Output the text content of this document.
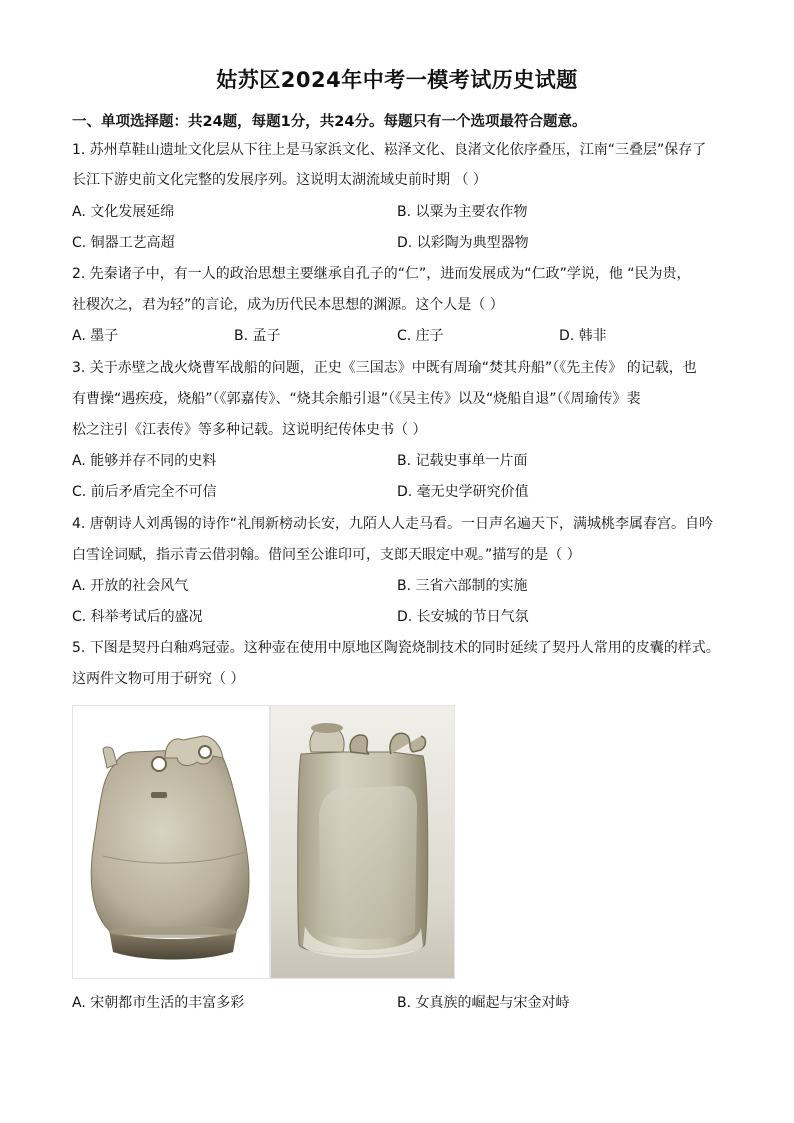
姑苏区2024年中考一模考试历史试题
一、单项选择题：共24题，每题1分，共24分。每题只有一个选项最符合题意。
1. 苏州草鞋山遗址文化层从下往上是马家浜文化、崧泽文化、良渚文化依序叠压，江南“三叠层”保存了
长江下游史前文化完整的发展序列。这说明太湖流域史前时期 （ ）
A. 文化发展延绵	B. 以粟为主要农作物
C. 铜器工艺高超	D. 以彩陶为典型器物
2. 先秦诸子中，有一人的政治思想主要继承自孔子的“仁”，进而发展成为“仁政”学说，他 “民为贵，
社稷次之，君为轻”的言论，成为历代民本思想的渊源。这个人是（ ）
A. 墨子	B. 孟子	C. 庄子	D. 韩非
3. 关于赤壁之战火烧曹军战船的问题，正史《三国志》中既有周瑜“焚其舟船”（《先主传》 的记载，也
有曹操“遇疾疫，烧船”（《郭嘉传》、“烧其余船引退”（《吴主传》以及“烧船自退”（《周瑜传》裴
松之注引《江表传》等多种记载。这说明纪传体史书（ ）
A. 能够并存不同的史料	B. 记载史事单一片面
C. 前后矛盾完全不可信	D. 毫无史学研究价值
4. 唐朝诗人刘禹锡的诗作“礼闱新榜动长安，九陌人人走马看。一日声名遍天下，满城桃李属春宫。自吟
白雪诠词赋，指示青云借羽翰。借问至公谁印可，支郎天眼定中观。”描写的是（ ）
A. 开放的社会风气	B. 三省六部制的实施
C. 科举考试后的盛况	D. 长安城的节日气氛
5. 下图是契丹白釉鸡冠壶。这种壶在使用中原地区陶瓷烧制技术的同时延续了契丹人常用的皮囊的样式。
这两件文物可用于研究（ ）
A. 宋朝都市生活的丰富多彩	B. 女真族的崛起与宋金对峙
